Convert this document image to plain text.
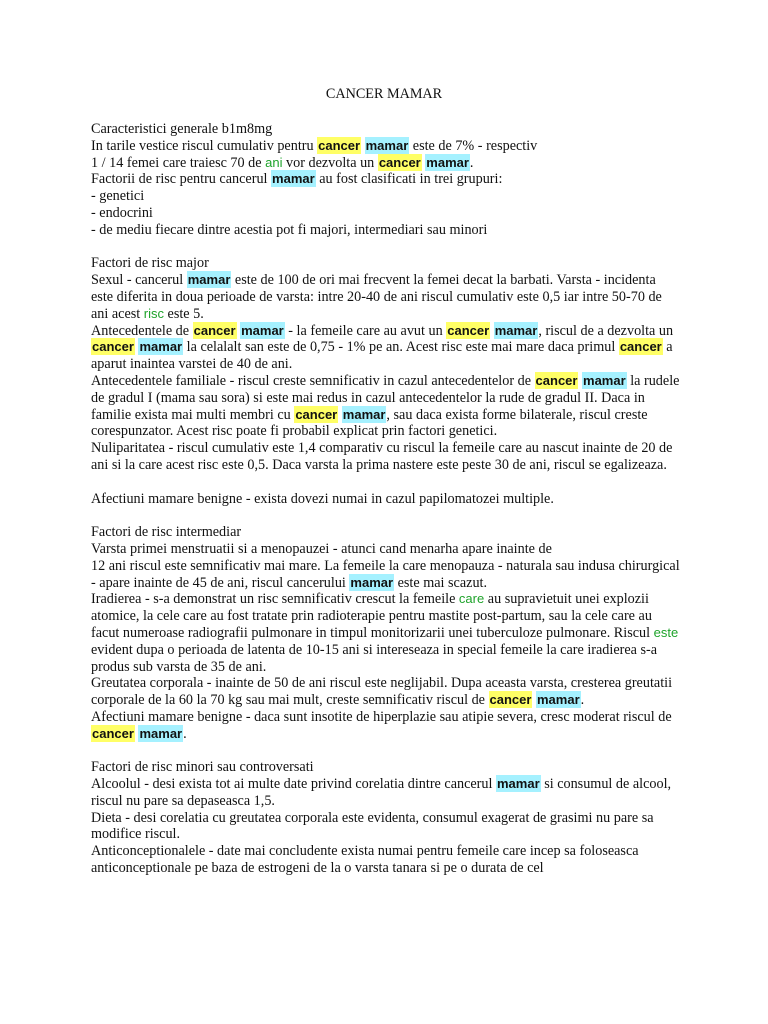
CANCER MAMAR

Caracteristici generale b1m8mg

In tarile vestice riscul cumulativ pentru cancer mamar este de 7% - respectiv

1 / 14 femei care traiesc 70 de ani vor dezvolta un cancer mamar.

Factorii de risc pentru cancerul mamar au fost clasificati in trei grupuri:

- genetici

- endocrini

- de mediu fiecare dintre acestia pot fi majori, intermediari sau minori

Factori de risc major

Sexul - cancerul mamar este de 100 de ori mai frecvent la femei decat la barbati. Varsta - incidenta este diferita in doua perioade de varsta: intre 20-40 de ani riscul cumulativ este 0,5 iar intre 50-70 de ani acest risc este 5.

Antecedentele de cancer mamar - la femeile care au avut un cancer mamar, riscul de a dezvolta un cancer mamar la celalalt san este de 0,75 - 1% pe an. Acest risc este mai mare daca primul cancer a aparut inaintea varstei de 40 de ani.

Antecedentele familiale - riscul creste semnificativ in cazul antecedentelor de cancer mamar la rudele de gradul I (mama sau sora) si este mai redus in cazul antecedentelor la rude de gradul II. Daca in familie exista mai multi membri cu cancer mamar, sau daca exista forme bilaterale, riscul creste corespunzator. Acest risc poate fi probabil explicat prin factori genetici.

Nuliparitatea - riscul cumulativ este 1,4 comparativ cu riscul la femeile care au nascut inainte de 20 de ani si la care acest risc este 0,5. Daca varsta la prima nastere este peste 30 de ani, riscul se egalizeaza.

Afectiuni mamare benigne - exista dovezi numai in cazul papilomatozei multiple.

Factori de risc intermediar

Varsta primei menstruatii si a menopauzei - atunci cand menarha apare inainte de

12 ani riscul este semnificativ mai mare. La femeile la care menopauza - naturala sau indusa chirurgical - apare inainte de 45 de ani, riscul cancerului mamar este mai scazut.

Iradierea - s-a demonstrat un risc semnificativ crescut la femeile care au supravietuit unei explozii atomice, la cele care au fost tratate prin radioterapie pentru mastite post-partum, sau la cele care au facut numeroase radiografii pulmonare in timpul monitorizarii unei tuberculoze pulmonare. Riscul este evident dupa o perioada de latenta de 10-15 ani si intereseaza in special femeile la care iradierea s-a produs sub varsta de 35 de ani.

Greutatea corporala - inainte de 50 de ani riscul este neglijabil. Dupa aceasta varsta, cresterea greutatii corporale de la 60 la 70 kg sau mai mult, creste semnificativ riscul de cancer mamar.

Afectiuni mamare benigne - daca sunt insotite de hiperplazie sau atipie severa, cresc moderat riscul de cancer mamar.

Factori de risc minori sau controversati

Alcoolul - desi exista tot ai multe date privind corelatia dintre cancerul mamar si consumul de alcool, riscul nu pare sa depaseasca 1,5.

Dieta - desi corelatia cu greutatea corporala este evidenta, consumul exagerat de grasimi nu pare sa modifice riscul.

Anticonceptionalele - date mai concludente exista numai pentru femeile care incep sa foloseasca anticonceptionale pe baza de estrogeni de la o varsta tanara si pe o durata de cel
